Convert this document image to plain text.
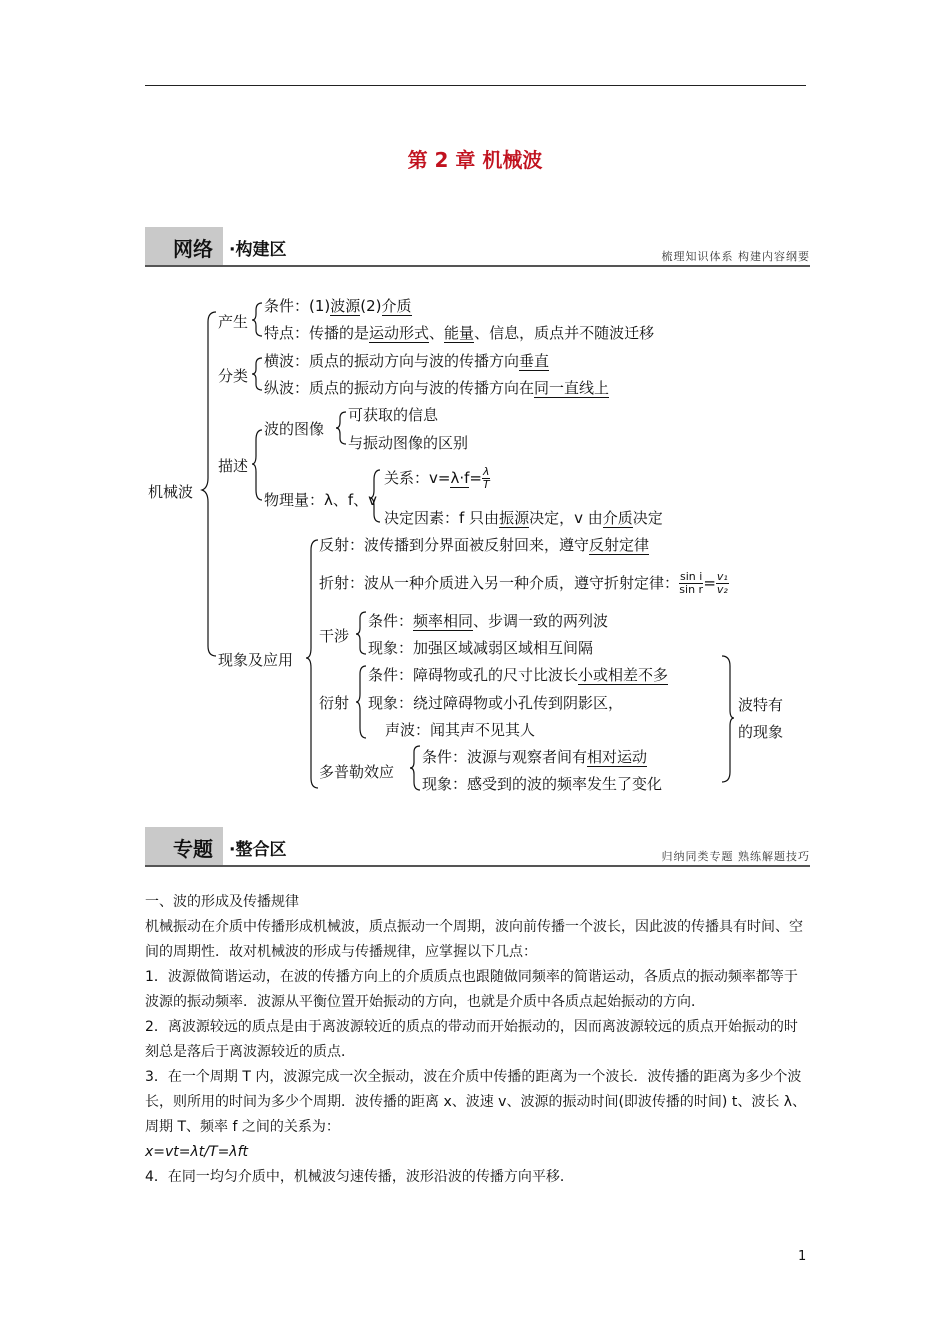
第 2 章 机械波
网络 ·构建区	梳理知识体系 构建内容纲要
机械波
产生
条件：(1)波源(2)介质
特点：传播的是运动形式、能量、信息，质点并不随波迁移
分类
横波：质点的振动方向与波的传播方向垂直
纵波：质点的振动方向与波的传播方向在同一直线上
描述
波的图像
可获取的信息
与振动图像的区别
物理量：λ、f、v
关系：$v=\lambda\cdot f= \frac{\lambda}{T}$
决定因素：f 只由振源决定，v 由介质决定
现象及应用
反射：波传播到分界面被反射回来，遵守反射定律
折射：波从一种介质进入另一种介质，遵守折射定律： $\frac{\text{sin i}}{\text{sin r}} = \frac{\text{v₁}}{\text{v₂}}$
干涉
条件：频率相同、步调一致的两列波
现象：加强区域减弱区域相互间隔
衍射
条件：障碍物或孔的尺寸比波长小或相差不多
现象：绕过障碍物或小孔传到阴影区，
声波：闻其声不见其人
多普勒效应
条件：波源与观察者间有相对运动
现象：感受到的波的频率发生了变化
波特有
的现象
专题 ·整合区	归纳同类专题 熟练解题技巧

一、波的形成及传播规律

机械振动在介质中传播形成机械波，质点振动一个周期，波向前传播一个波长，因此波的传播具有时间、空间的周期性．故对机械波的形成与传播规律，应掌握以下几点：

1．波源做简谐运动，在波的传播方向上的介质质点也跟随做同频率的简谐运动，各质点的振动频率都等于波源的振动频率．波源从平衡位置开始振动的方向，也就是介质中各质点起始振动的方向．

2．离波源较远的质点是由于离波源较近的质点的带动而开始振动的，因而离波源较远的质点开始振动的时刻总是落后于离波源较近的质点．

3．在一个周期 T 内，波源完成一次全振动，波在介质中传播的距离为一个波长．波传播的距离为多少个波长，则所用的时间为多少个周期．波传播的距离 x、波速 v、波源的振动时间(即波传播的时间) t、波长 λ、周期 T、频率 f 之间的关系为：

x=vt=λt/T=λft

4．在同一均匀介质中，机械波匀速传播，波形沿波的传播方向平移．

1
